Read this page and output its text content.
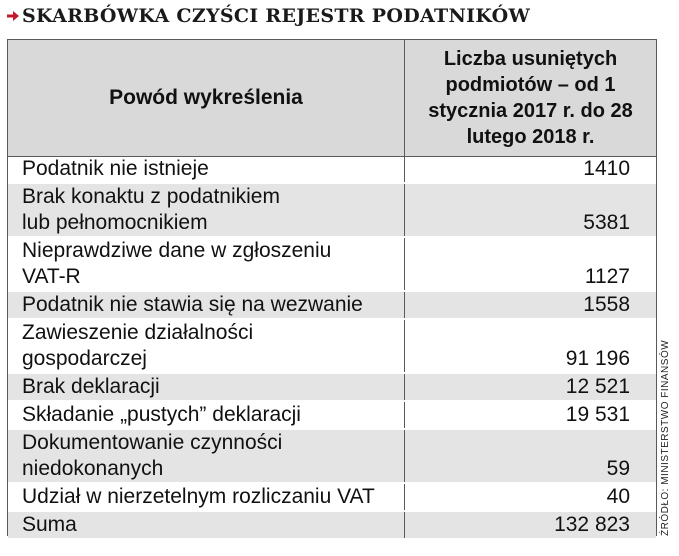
SKARBÓWKA CZYŚCI REJESTR PODATNIKÓW
Powód wykreślenia
Liczba usuniętych podmiotów – od 1 stycznia 2017 r. do 28 lutego 2018 r.
Podatnik nie istnieje	1410
Brak konaktu z podatnikiem
lub pełnomocnikiem	5381
Nieprawdziwe dane w zgłoszeniu
VAT-R	1127
Podatnik nie stawia się na wezwanie	1558
Zawieszenie działalności
gospodarczej	91 196
Brak deklaracji	12 521
Składanie „pustych” deklaracji	19 531
Dokumentowanie czynności
niedokonanych	59
Udział w nierzetelnym rozliczaniu VAT	40
Suma	132 823	ŹRÓDŁO: MINISTERSTWO FINANSÓW
